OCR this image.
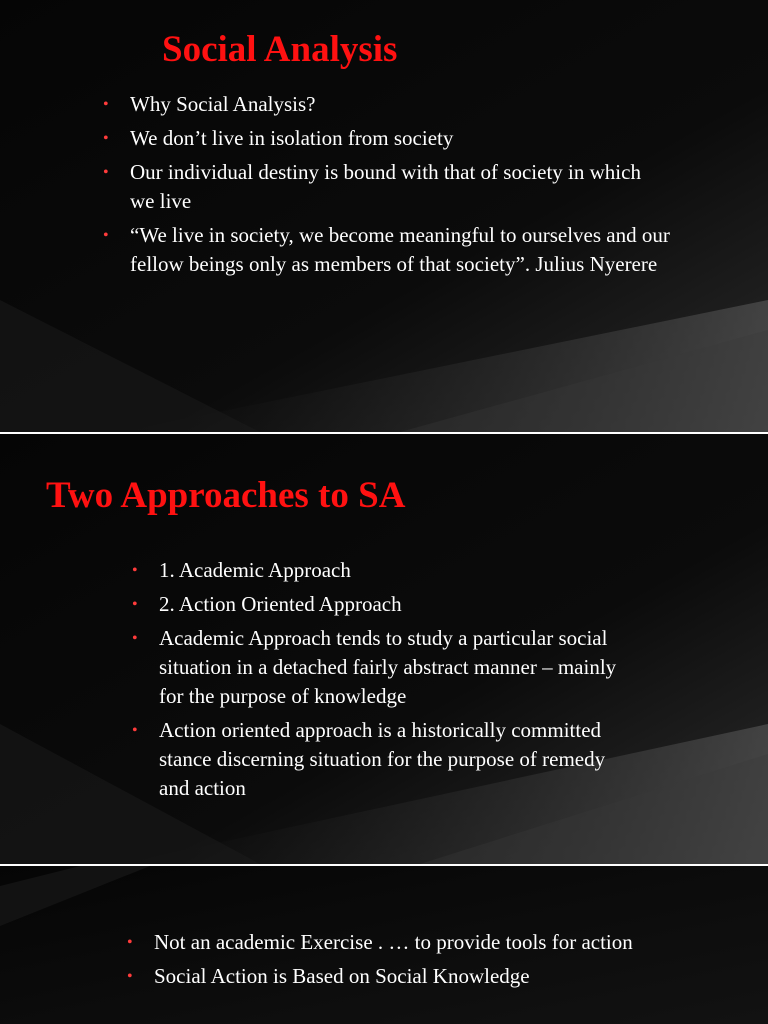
Social Analysis
• Why Social Analysis?
• We don’t live in isolation from society
• Our individual destiny is bound with that of society in which we live
• “We live in society, we become meaningful to ourselves and our fellow beings only as members of that society”. Julius Nyerere
Two Approaches to SA
• 1. Academic Approach
• 2. Action Oriented Approach
• Academic Approach tends to study a particular social situation in a detached fairly abstract manner – mainly for the purpose of knowledge
• Action oriented approach is a historically committed stance discerning situation for the purpose of remedy and action
• Not an academic Exercise . … to provide tools for action
• Social Action is Based on Social Knowledge
